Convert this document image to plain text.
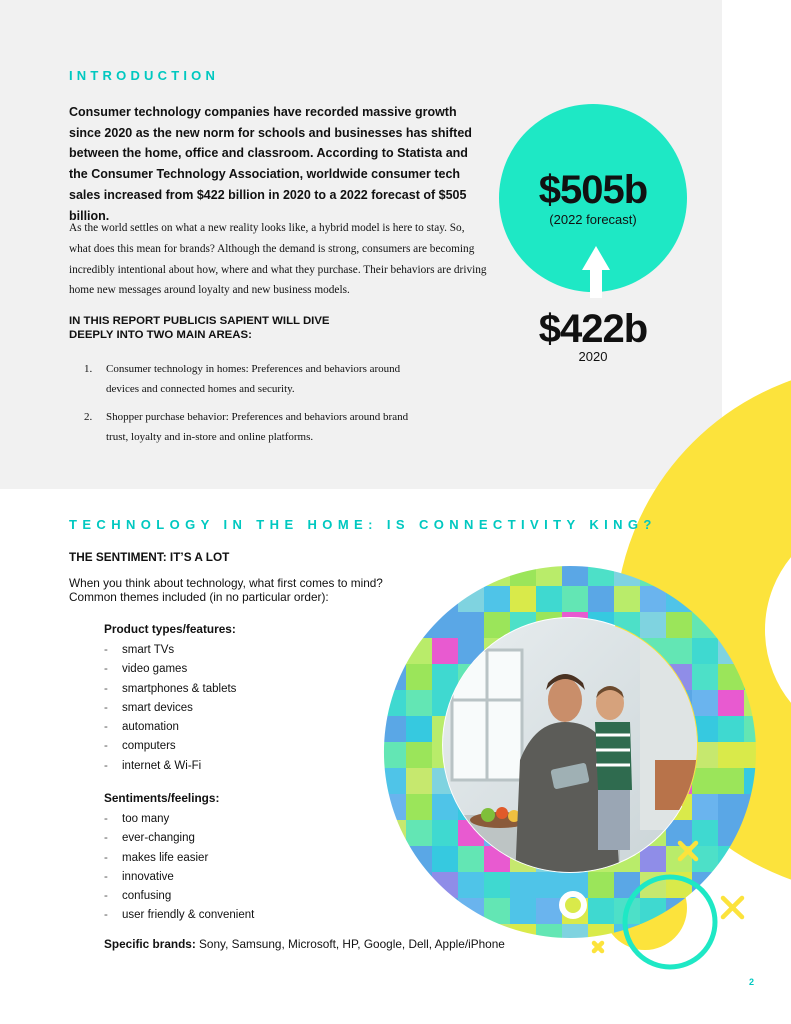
INTRODUCTION

Consumer technology companies have recorded massive growth since 2020 as the new norm for schools and businesses has shifted between the home, office and classroom. According to Statista and the Consumer Technology Association, worldwide consumer tech sales increased from $422 billion in 2020 to a 2022 forecast of $505 billion.

As the world settles on what a new reality looks like, a hybrid model is here to stay. So, what does this mean for brands? Although the demand is strong, consumers are becoming incredibly intentional about how, where and what they purchase. Their behaviors are driving home new messages around loyalty and new business models.

IN THIS REPORT PUBLICIS SAPIENT WILL DIVE DEEPLY INTO TWO MAIN AREAS:

1. Consumer technology in homes: Preferences and behaviors around devices and connected homes and security.
2. Shopper purchase behavior: Preferences and behaviors around brand trust, loyalty and in-store and online platforms.
$505b
(2022 forecast)
$422b
2020
TECHNOLOGY IN THE HOME: IS CONNECTIVITY KING?

THE SENTIMENT: IT’S A LOT

When you think about technology, what first comes to mind? Common themes included (in no particular order):

Product types/features:

- smart TVs
- video games
- smartphones & tablets
- smart devices
- automation
- computers
- internet & Wi-Fi

Sentiments/feelings:

- too many
- ever-changing
- makes life easier
- innovative
- confusing
- user friendly & convenient

Specific brands: Sony, Samsung, Microsoft, HP, Google, Dell, Apple/iPhone

2
